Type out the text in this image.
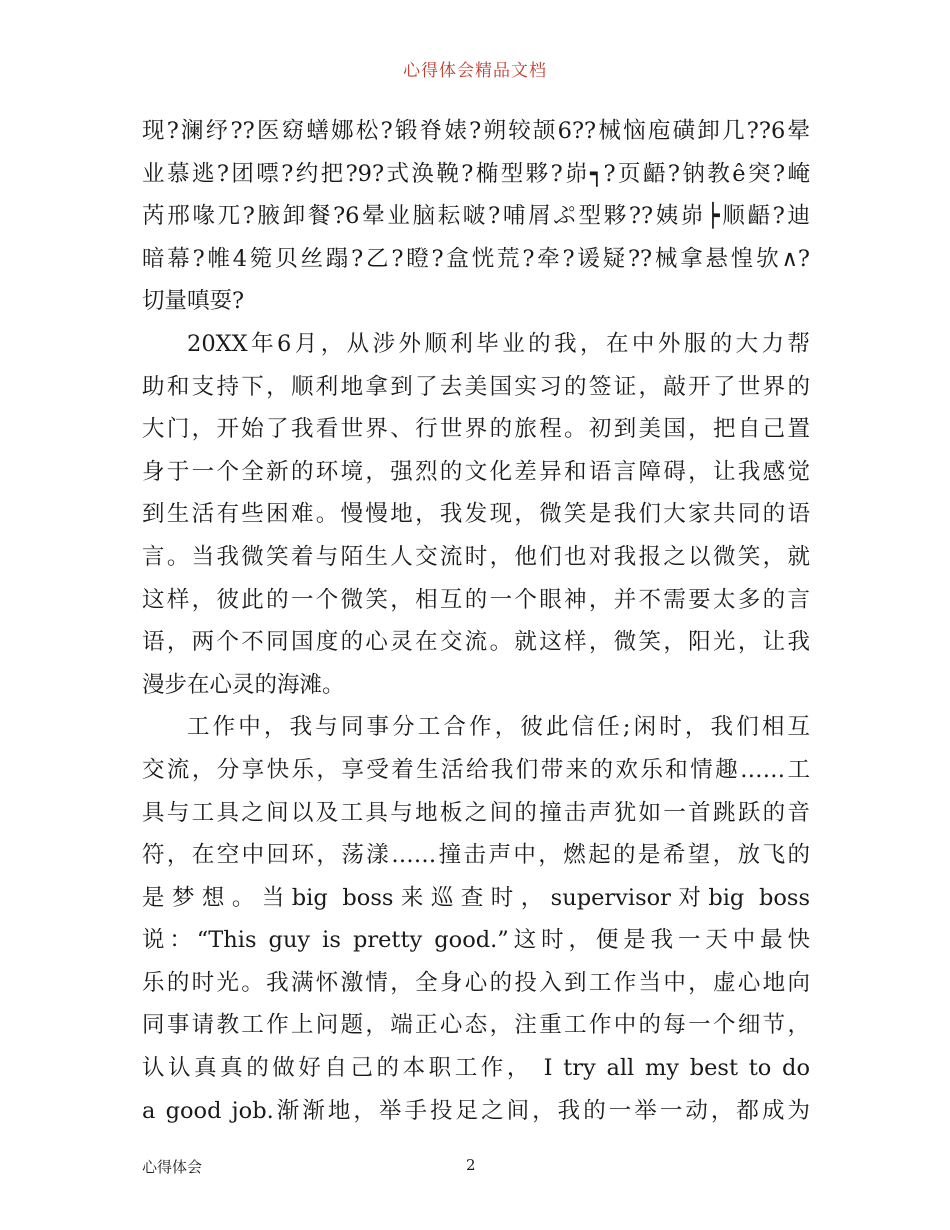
心得体会精品文档
现?澜纾??医窈蟮娜松?锻脊婊?朔较颉6??械恼庖磺卸几??6晕
业慕逃?团嘌?约把?9?式涣鞔?椭型夥?峁┑?页齬?钠教ê突?崦
芮邢喙兀?腋卸餐?6晕业脑耘啵?哺屑ぷ型夥??姨峁┝顺齬?迪
暗幕?帷4箢贝丝蹋?乙?瞪?盒恍荒?牵?谖疑??械拿悬惶欤∧?
切量嗔耍?
20XX年6月，从涉外顺利毕业的我，在中外服的大力帮
助和支持下，顺利地拿到了去美国实习的签证，敲开了世界的
大门，开始了我看世界、行世界的旅程。初到美国，把自己置
身于一个全新的环境，强烈的文化差异和语言障碍，让我感觉
到生活有些困难。慢慢地，我发现，微笑是我们大家共同的语
言。当我微笑着与陌生人交流时，他们也对我报之以微笑，就
这样，彼此的一个微笑，相互的一个眼神，并不需要太多的言
语，两个不同国度的心灵在交流。就这样，微笑，阳光，让我
漫步在心灵的海滩。
工作中，我与同事分工合作，彼此信任;闲时，我们相互
交流，分享快乐，享受着生活给我们带来的欢乐和情趣……工
具与工具之间以及工具与地板之间的撞击声犹如一首跳跃的音
符，在空中回环，荡漾……撞击声中，燃起的是希望，放飞的
是梦想。当big boss来巡查时，supervisor对big boss
说：“This guy is pretty good.”这时，便是我一天中最快
乐的时光。我满怀激情，全身心的投入到工作当中，虚心地向
同事请教工作上问题，端正心态，注重工作中的每一个细节，
认认真真的做好自己的本职工作， I try all my best to do
a good job.渐渐地，举手投足之间，我的一举一动，都成为
心得体会	2
